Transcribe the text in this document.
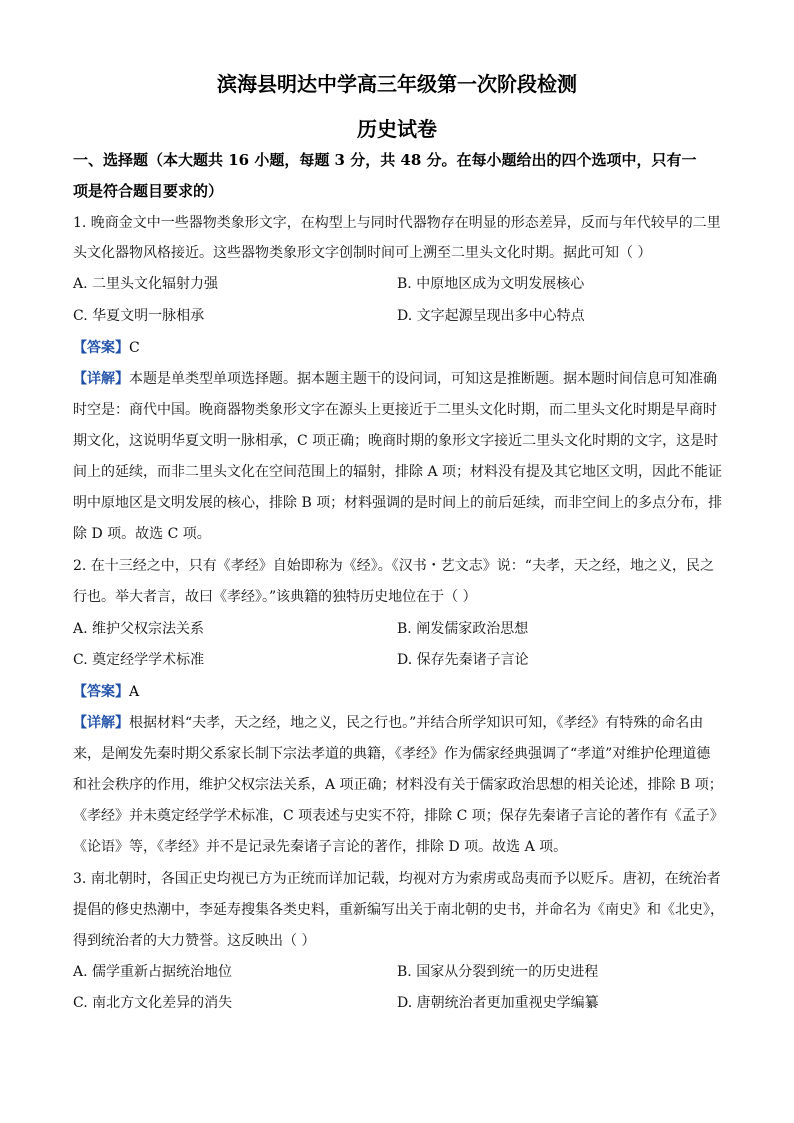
滨海县明达中学高三年级第一次阶段检测
历史试卷
一、选择题（本大题共 16 小题，每题 3 分，共 48 分。在每小题给出的四个选项中，只有一
项是符合题目要求的）
1. 晚商金文中一些器物类象形文字，在构型上与同时代器物存在明显的形态差异，反而与年代较早的二里
头文化器物风格接近。这些器物类象形文字创制时间可上溯至二里头文化时期。据此可知（ ）
A. 二里头文化辐射力强	B. 中原地区成为文明发展核心
C. 华夏文明一脉相承	D. 文字起源呈现出多中心特点
【答案】C
【详解】本题是单类型单项选择题。据本题主题干的设问词，可知这是推断题。据本题时间信息可知准确
时空是：商代中国。晚商器物类象形文字在源头上更接近于二里头文化时期，而二里头文化时期是早商时
期文化，这说明华夏文明一脉相承，C 项正确；晚商时期的象形文字接近二里头文化时期的文字，这是时
间上的延续，而非二里头文化在空间范围上的辐射，排除 A 项；材料没有提及其它地区文明，因此不能证
明中原地区是文明发展的核心，排除 B 项；材料强调的是时间上的前后延续，而非空间上的多点分布，排
除 D 项。故选 C 项。
2. 在十三经之中，只有《孝经》自始即称为《经》。《汉书・艺文志》说：“夫孝，天之经，地之义，民之
行也。举大者言，故曰《孝经》。”该典籍的独特历史地位在于（ ）
A. 维护父权宗法关系	B. 阐发儒家政治思想
C. 奠定经学学术标准	D. 保存先秦诸子言论
【答案】A
【详解】根据材料“夫孝，天之经，地之义，民之行也。”并结合所学知识可知，《孝经》有特殊的命名由
来，是阐发先秦时期父系家长制下宗法孝道的典籍，《孝经》作为儒家经典强调了“孝道”对维护伦理道德
和社会秩序的作用，维护父权宗法关系，A 项正确；材料没有关于儒家政治思想的相关论述，排除 B 项；
《孝经》并未奠定经学学术标准，C 项表述与史实不符，排除 C 项；保存先秦诸子言论的著作有《孟子》
《论语》等，《孝经》并不是记录先秦诸子言论的著作，排除 D 项。故选 A 项。
3. 南北朝时，各国正史均视已方为正统而详加记载，均视对方为索虏或岛夷而予以贬斥。唐初，在统治者
提倡的修史热潮中，李延寿搜集各类史料，重新编写出关于南北朝的史书，并命名为《南史》和《北史》，
得到统治者的大力赞誉。这反映出（ ）
A. 儒学重新占据统治地位	B. 国家从分裂到统一的历史进程
C. 南北方文化差异的消失	D. 唐朝统治者更加重视史学编纂
